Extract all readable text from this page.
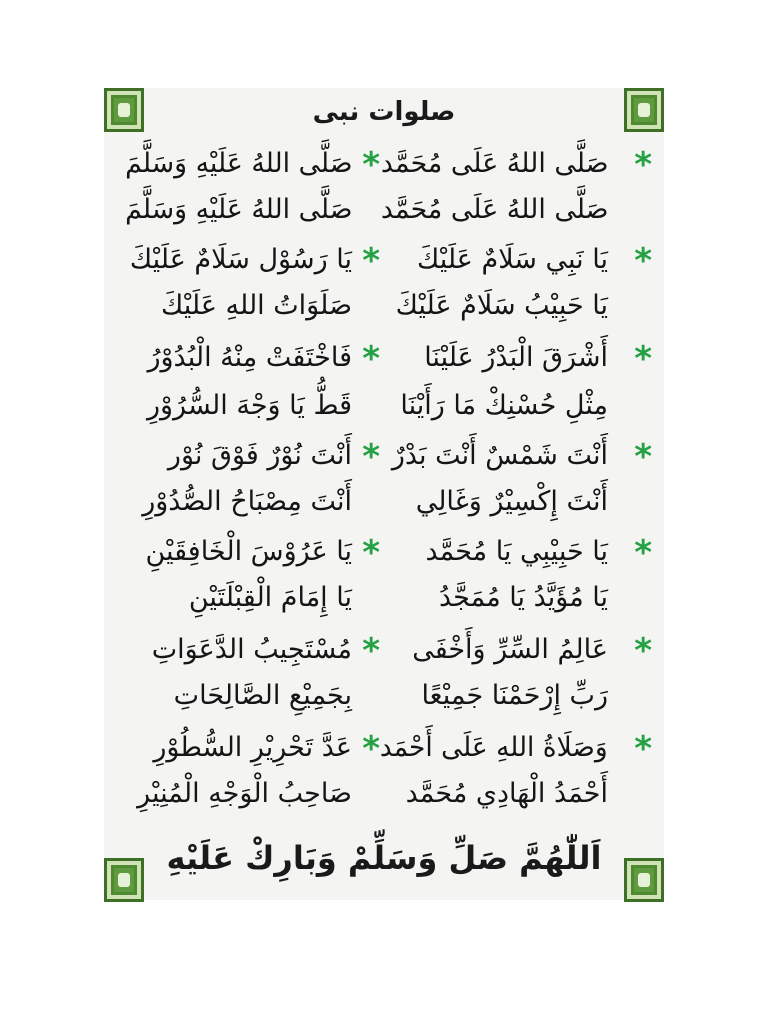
صلوات نبی
*
* صَلَّى اللهُ عَلَى مُحَمَّد
صَلَّى اللهُ عَلَيْهِ وَسَلَّمَ
صَلَّى اللهُ عَلَى مُحَمَّد
صَلَّى اللهُ عَلَيْهِ وَسَلَّمَ
*
* يَا نَبِي سَلَامٌ عَلَيْكَ
يَا رَسُوْل سَلَامٌ عَلَيْكَ
يَا حَبِيْبُ سَلَامٌ عَلَيْكَ
صَلَوَاتُ اللهِ عَلَيْكَ
*
* أَشْرَقَ الْبَدْرُ عَلَيْنَا
فَاخْتَفَتْ مِنْهُ الْبُدُوْرُ
مِثْلِ حُسْنِكْ مَا رَأَيْنَا
قَطُّ يَا وَجْهَ السُّرُوْرِ
*
* أَنْتَ شَمْسٌ أَنْتَ بَدْرٌ
أَنْتَ نُوْرٌ فَوْقَ نُوْر
أَنْتَ إِكْسِيْرٌ وَغَالِي
أَنْتَ مِصْبَاحُ الصُّدُوْرِ
*
* يَا حَبِيْبِي يَا مُحَمَّد
يَا عَرُوْسَ الْخَافِقَيْنِ
يَا مُؤَيَّدُ يَا مُمَجَّدُ
يَا إِمَامَ الْقِبْلَتَيْنِ
*
* عَالِمُ السِّرِّ وَأَخْفَى
مُسْتَجِيبُ الدَّعَوَاتِ
رَبِّ إِرْحَمْنَا جَمِيْعًا
بِجَمِيْعِ الصَّالِحَاتِ
*
* وَصَلَاةُ اللهِ عَلَى أَحْمَد
عَدَّ تَحْرِيْرِ السُّطُوْرِ
أَحْمَدُ الْهَادِي مُحَمَّد
صَاحِبُ الْوَجْهِ الْمُنِيْرِ
اَللّٰهُمَّ صَلِّ وَسَلِّمْ وَبَارِكْ عَلَيْهِ
